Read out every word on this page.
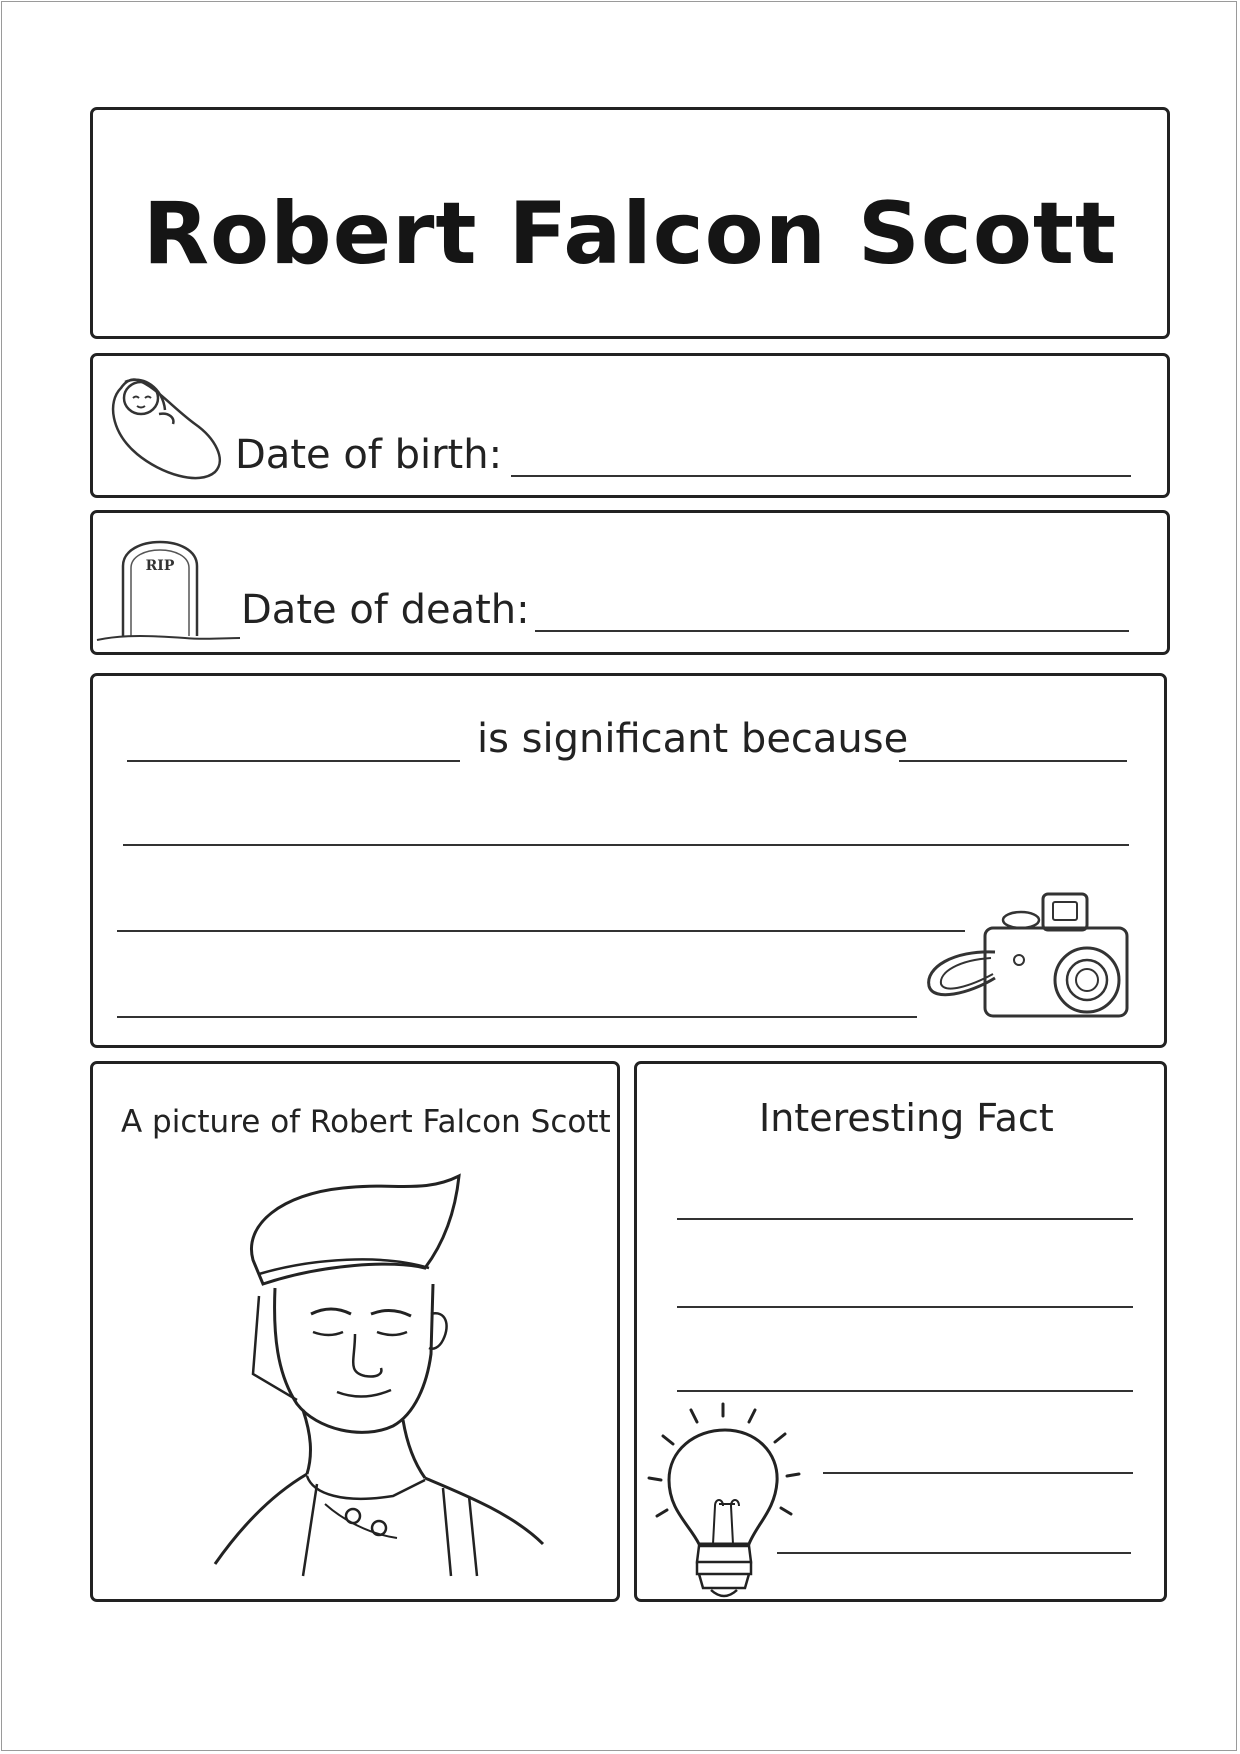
Robert Falcon Scott
Date of birth:
RIP
Date of death:
is significant because
A picture of Robert Falcon Scott	Interesting Fact
